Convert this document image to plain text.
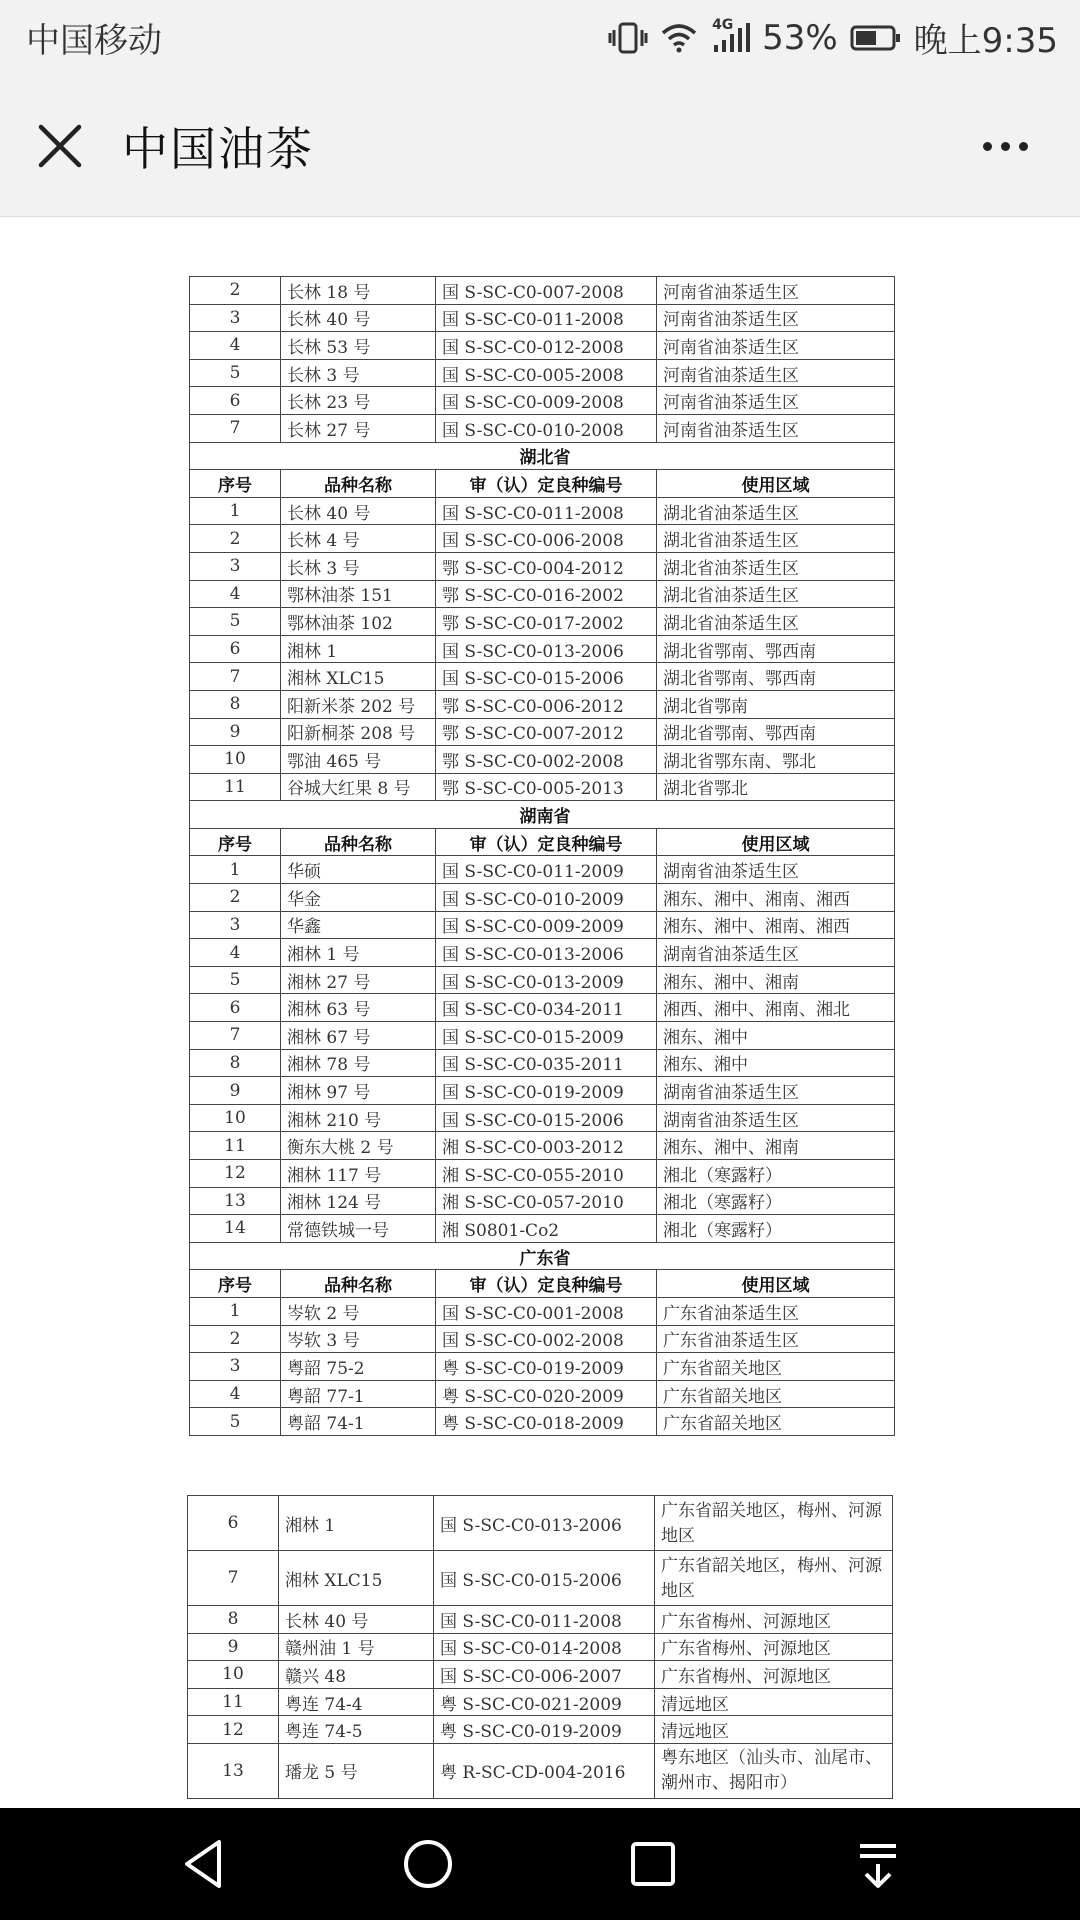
中国移动	4G 53% 晚上9:35
中国油茶
2	长林 18 号	国 S-SC-C0-007-2008	河南省油茶适生区
3	长林 40 号	国 S-SC-C0-011-2008	河南省油茶适生区
4	长林 53 号	国 S-SC-C0-012-2008	河南省油茶适生区
5	长林 3 号	国 S-SC-C0-005-2008	河南省油茶适生区
6	长林 23 号	国 S-SC-C0-009-2008	河南省油茶适生区
7	长林 27 号	国 S-SC-C0-010-2008	河南省油茶适生区
湖北省			
序号	品种名称	审（认）定良种编号	使用区域
1	长林 40 号	国 S-SC-C0-011-2008	湖北省油茶适生区
2	长林 4 号	国 S-SC-C0-006-2008	湖北省油茶适生区
3	长林 3 号	鄂 S-SC-C0-004-2012	湖北省油茶适生区
4	鄂林油茶 151	鄂 S-SC-C0-016-2002	湖北省油茶适生区
5	鄂林油茶 102	鄂 S-SC-C0-017-2002	湖北省油茶适生区
6	湘林 1	国 S-SC-C0-013-2006	湖北省鄂南、鄂西南
7	湘林 XLC15	国 S-SC-C0-015-2006	湖北省鄂南、鄂西南
8	阳新米茶 202 号	鄂 S-SC-C0-006-2012	湖北省鄂南
9	阳新桐茶 208 号	鄂 S-SC-C0-007-2012	湖北省鄂南、鄂西南
10	鄂油 465 号	鄂 S-SC-C0-002-2008	湖北省鄂东南、鄂北
11	谷城大红果 8 号	鄂 S-SC-C0-005-2013	湖北省鄂北
湖南省			
序号	品种名称	审（认）定良种编号	使用区域
1	华硕	国 S-SC-C0-011-2009	湖南省油茶适生区
2	华金	国 S-SC-C0-010-2009	湘东、湘中、湘南、湘西
3	华鑫	国 S-SC-C0-009-2009	湘东、湘中、湘南、湘西
4	湘林 1 号	国 S-SC-C0-013-2006	湖南省油茶适生区
5	湘林 27 号	国 S-SC-C0-013-2009	湘东、湘中、湘南
6	湘林 63 号	国 S-SC-C0-034-2011	湘西、湘中、湘南、湘北
7	湘林 67 号	国 S-SC-C0-015-2009	湘东、湘中
8	湘林 78 号	国 S-SC-C0-035-2011	湘东、湘中
9	湘林 97 号	国 S-SC-C0-019-2009	湖南省油茶适生区
10	湘林 210 号	国 S-SC-C0-015-2006	湖南省油茶适生区
11	衡东大桃 2 号	湘 S-SC-C0-003-2012	湘东、湘中、湘南
12	湘林 117 号	湘 S-SC-C0-055-2010	湘北（寒露籽）
13	湘林 124 号	湘 S-SC-C0-057-2010	湘北（寒露籽）
14	常德铁城一号	湘 S0801-Co2	湘北（寒露籽）
广东省			
序号	品种名称	审（认）定良种编号	使用区域
1	岑软 2 号	国 S-SC-C0-001-2008	广东省油茶适生区
2	岑软 3 号	国 S-SC-C0-002-2008	广东省油茶适生区
3	粤韶 75-2	粤 S-SC-C0-019-2009	广东省韶关地区
4	粤韶 77-1	粤 S-SC-C0-020-2009	广东省韶关地区
5	粤韶 74-1	粤 S-SC-C0-018-2009	广东省韶关地区
6	湘林 1	国 S-SC-C0-013-2006	广东省韶关地区，梅州、河源地区
7	湘林 XLC15	国 S-SC-C0-015-2006	广东省韶关地区，梅州、河源地区
8	长林 40 号	国 S-SC-C0-011-2008	广东省梅州、河源地区
9	赣州油 1 号	国 S-SC-C0-014-2008	广东省梅州、河源地区
10	赣兴 48	国 S-SC-C0-006-2007	广东省梅州、河源地区
11	粤连 74-4	粤 S-SC-C0-021-2009	清远地区
12	粤连 74-5	粤 S-SC-C0-019-2009	清远地区
13	璠龙 5 号	粤 R-SC-CD-004-2016	粤东地区（汕头市、汕尾市、潮州市、揭阳市）
